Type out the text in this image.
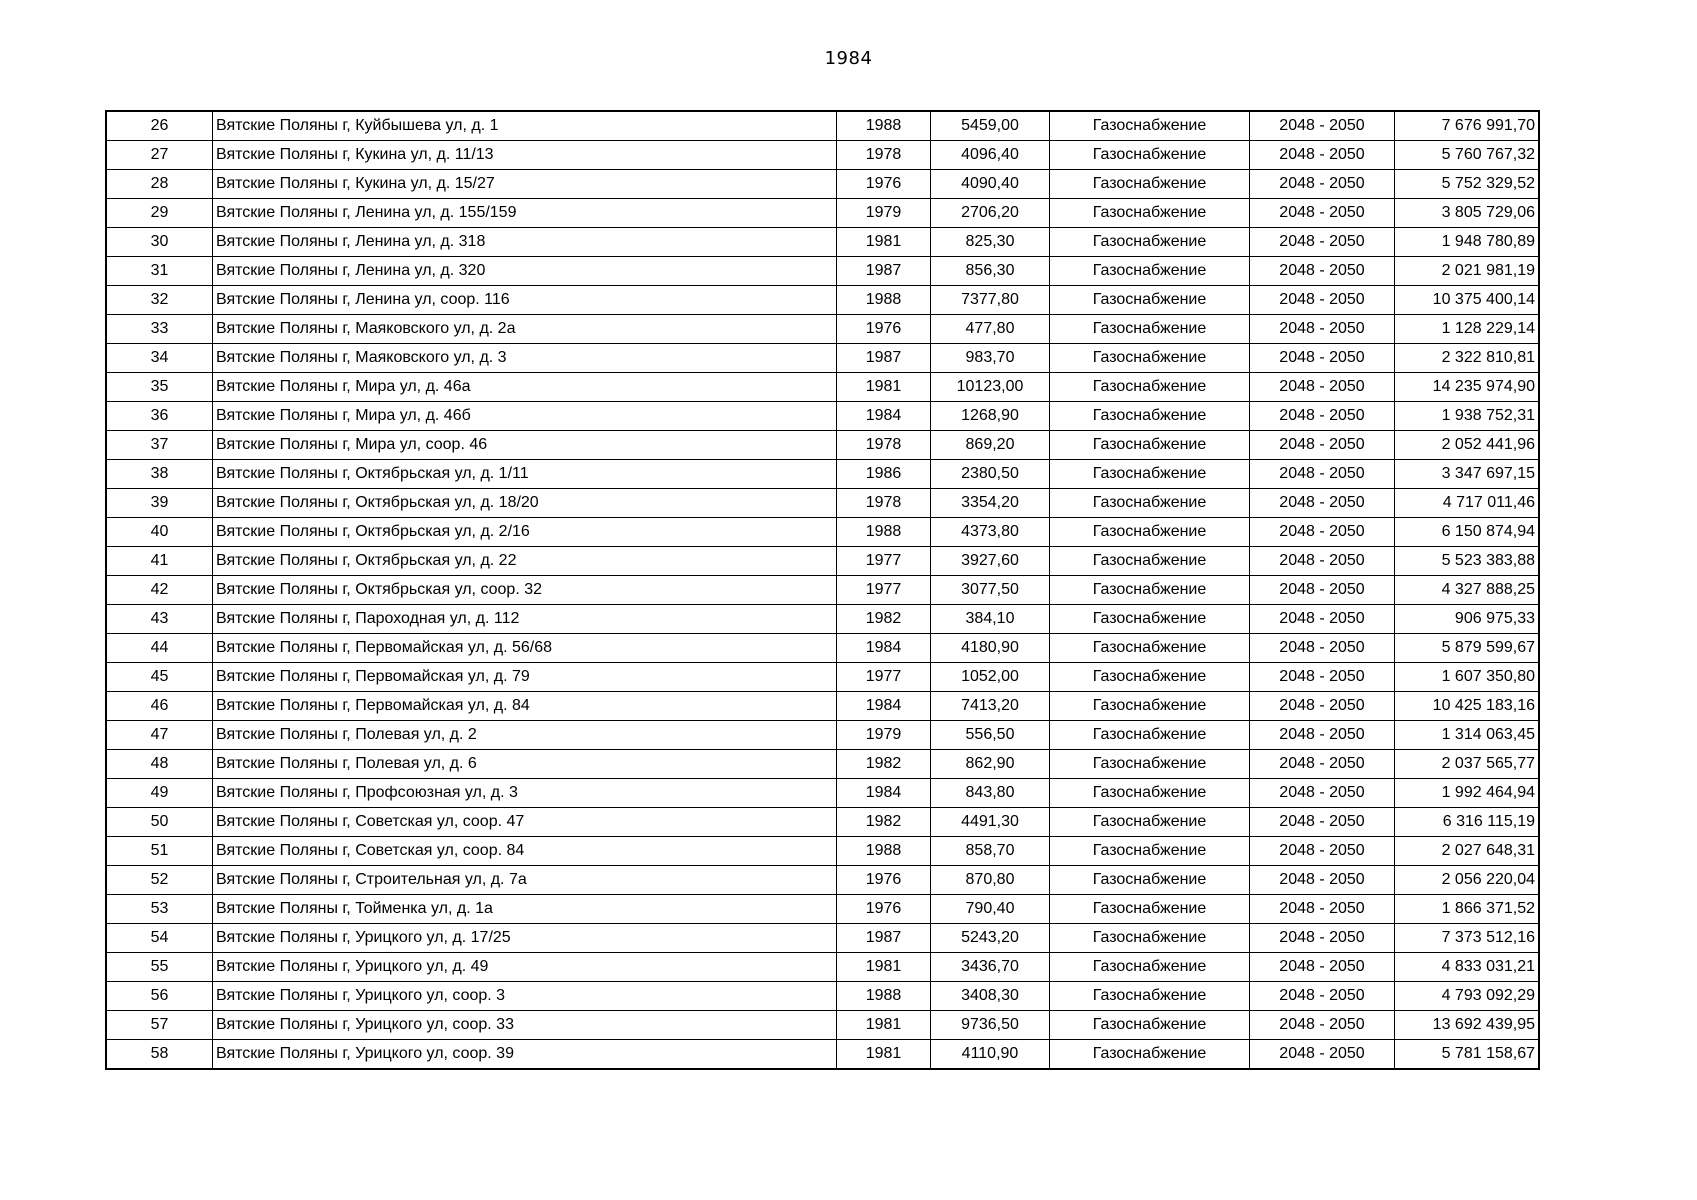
1984
26	Вятские Поляны г, Куйбышева ул, д. 1	1988	5459,00	Газоснабжение	2048 - 2050	7 676 991,70
27	Вятские Поляны г, Кукина ул, д. 11/13	1978	4096,40	Газоснабжение	2048 - 2050	5 760 767,32
28	Вятские Поляны г, Кукина ул, д. 15/27	1976	4090,40	Газоснабжение	2048 - 2050	5 752 329,52
29	Вятские Поляны г, Ленина ул, д. 155/159	1979	2706,20	Газоснабжение	2048 - 2050	3 805 729,06
30	Вятские Поляны г, Ленина ул, д. 318	1981	825,30	Газоснабжение	2048 - 2050	1 948 780,89
31	Вятские Поляны г, Ленина ул, д. 320	1987	856,30	Газоснабжение	2048 - 2050	2 021 981,19
32	Вятские Поляны г, Ленина ул, соор. 116	1988	7377,80	Газоснабжение	2048 - 2050	10 375 400,14
33	Вятские Поляны г, Маяковского ул, д. 2а	1976	477,80	Газоснабжение	2048 - 2050	1 128 229,14
34	Вятские Поляны г, Маяковского ул, д. 3	1987	983,70	Газоснабжение	2048 - 2050	2 322 810,81
35	Вятские Поляны г, Мира ул, д. 46а	1981	10123,00	Газоснабжение	2048 - 2050	14 235 974,90
36	Вятские Поляны г, Мира ул, д. 46б	1984	1268,90	Газоснабжение	2048 - 2050	1 938 752,31
37	Вятские Поляны г, Мира ул, соор. 46	1978	869,20	Газоснабжение	2048 - 2050	2 052 441,96
38	Вятские Поляны г, Октябрьская ул, д. 1/11	1986	2380,50	Газоснабжение	2048 - 2050	3 347 697,15
39	Вятские Поляны г, Октябрьская ул, д. 18/20	1978	3354,20	Газоснабжение	2048 - 2050	4 717 011,46
40	Вятские Поляны г, Октябрьская ул, д. 2/16	1988	4373,80	Газоснабжение	2048 - 2050	6 150 874,94
41	Вятские Поляны г, Октябрьская ул, д. 22	1977	3927,60	Газоснабжение	2048 - 2050	5 523 383,88
42	Вятские Поляны г, Октябрьская ул, соор. 32	1977	3077,50	Газоснабжение	2048 - 2050	4 327 888,25
43	Вятские Поляны г, Пароходная ул, д. 112	1982	384,10	Газоснабжение	2048 - 2050	906 975,33
44	Вятские Поляны г, Первомайская ул, д. 56/68	1984	4180,90	Газоснабжение	2048 - 2050	5 879 599,67
45	Вятские Поляны г, Первомайская ул, д. 79	1977	1052,00	Газоснабжение	2048 - 2050	1 607 350,80
46	Вятские Поляны г, Первомайская ул, д. 84	1984	7413,20	Газоснабжение	2048 - 2050	10 425 183,16
47	Вятские Поляны г, Полевая ул, д. 2	1979	556,50	Газоснабжение	2048 - 2050	1 314 063,45
48	Вятские Поляны г, Полевая ул, д. 6	1982	862,90	Газоснабжение	2048 - 2050	2 037 565,77
49	Вятские Поляны г, Профсоюзная ул, д. 3	1984	843,80	Газоснабжение	2048 - 2050	1 992 464,94
50	Вятские Поляны г, Советская ул, соор. 47	1982	4491,30	Газоснабжение	2048 - 2050	6 316 115,19
51	Вятские Поляны г, Советская ул, соор. 84	1988	858,70	Газоснабжение	2048 - 2050	2 027 648,31
52	Вятские Поляны г, Строительная ул, д. 7а	1976	870,80	Газоснабжение	2048 - 2050	2 056 220,04
53	Вятские Поляны г, Тойменка ул, д. 1а	1976	790,40	Газоснабжение	2048 - 2050	1 866 371,52
54	Вятские Поляны г, Урицкого ул, д. 17/25	1987	5243,20	Газоснабжение	2048 - 2050	7 373 512,16
55	Вятские Поляны г, Урицкого ул, д. 49	1981	3436,70	Газоснабжение	2048 - 2050	4 833 031,21
56	Вятские Поляны г, Урицкого ул, соор. 3	1988	3408,30	Газоснабжение	2048 - 2050	4 793 092,29
57	Вятские Поляны г, Урицкого ул, соор. 33	1981	9736,50	Газоснабжение	2048 - 2050	13 692 439,95
58	Вятские Поляны г, Урицкого ул, соор. 39	1981	4110,90	Газоснабжение	2048 - 2050	5 781 158,67
